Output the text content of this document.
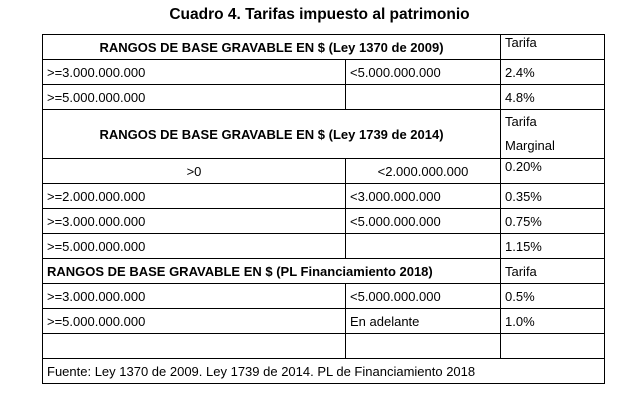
Cuadro 4. Tarifas impuesto al patrimonio
RANGOS DE BASE GRAVABLE EN $ (Ley 1370 de 2009)		Tarifa
>=3.000.000.000	<5.000.000.000	2.4%
>=5.000.000.000		4.8%
RANGOS DE BASE GRAVABLE EN $ (Ley 1739 de 2014)		Tarifa
Marginal

>0	<2.000.000.000	0.20%
>=2.000.000.000	<3.000.000.000	0.35%
>=3.000.000.000	<5.000.000.000	0.75%
>=5.000.000.000		1.15%
RANGOS DE BASE GRAVABLE EN $ (PL Financiamiento 2018)		Tarifa
>=3.000.000.000	<5.000.000.000	0.5%
>=5.000.000.000	En adelante	1.0%

Fuente: Ley 1370 de 2009. Ley 1739 de 2014. PL de Financiamiento 2018		
